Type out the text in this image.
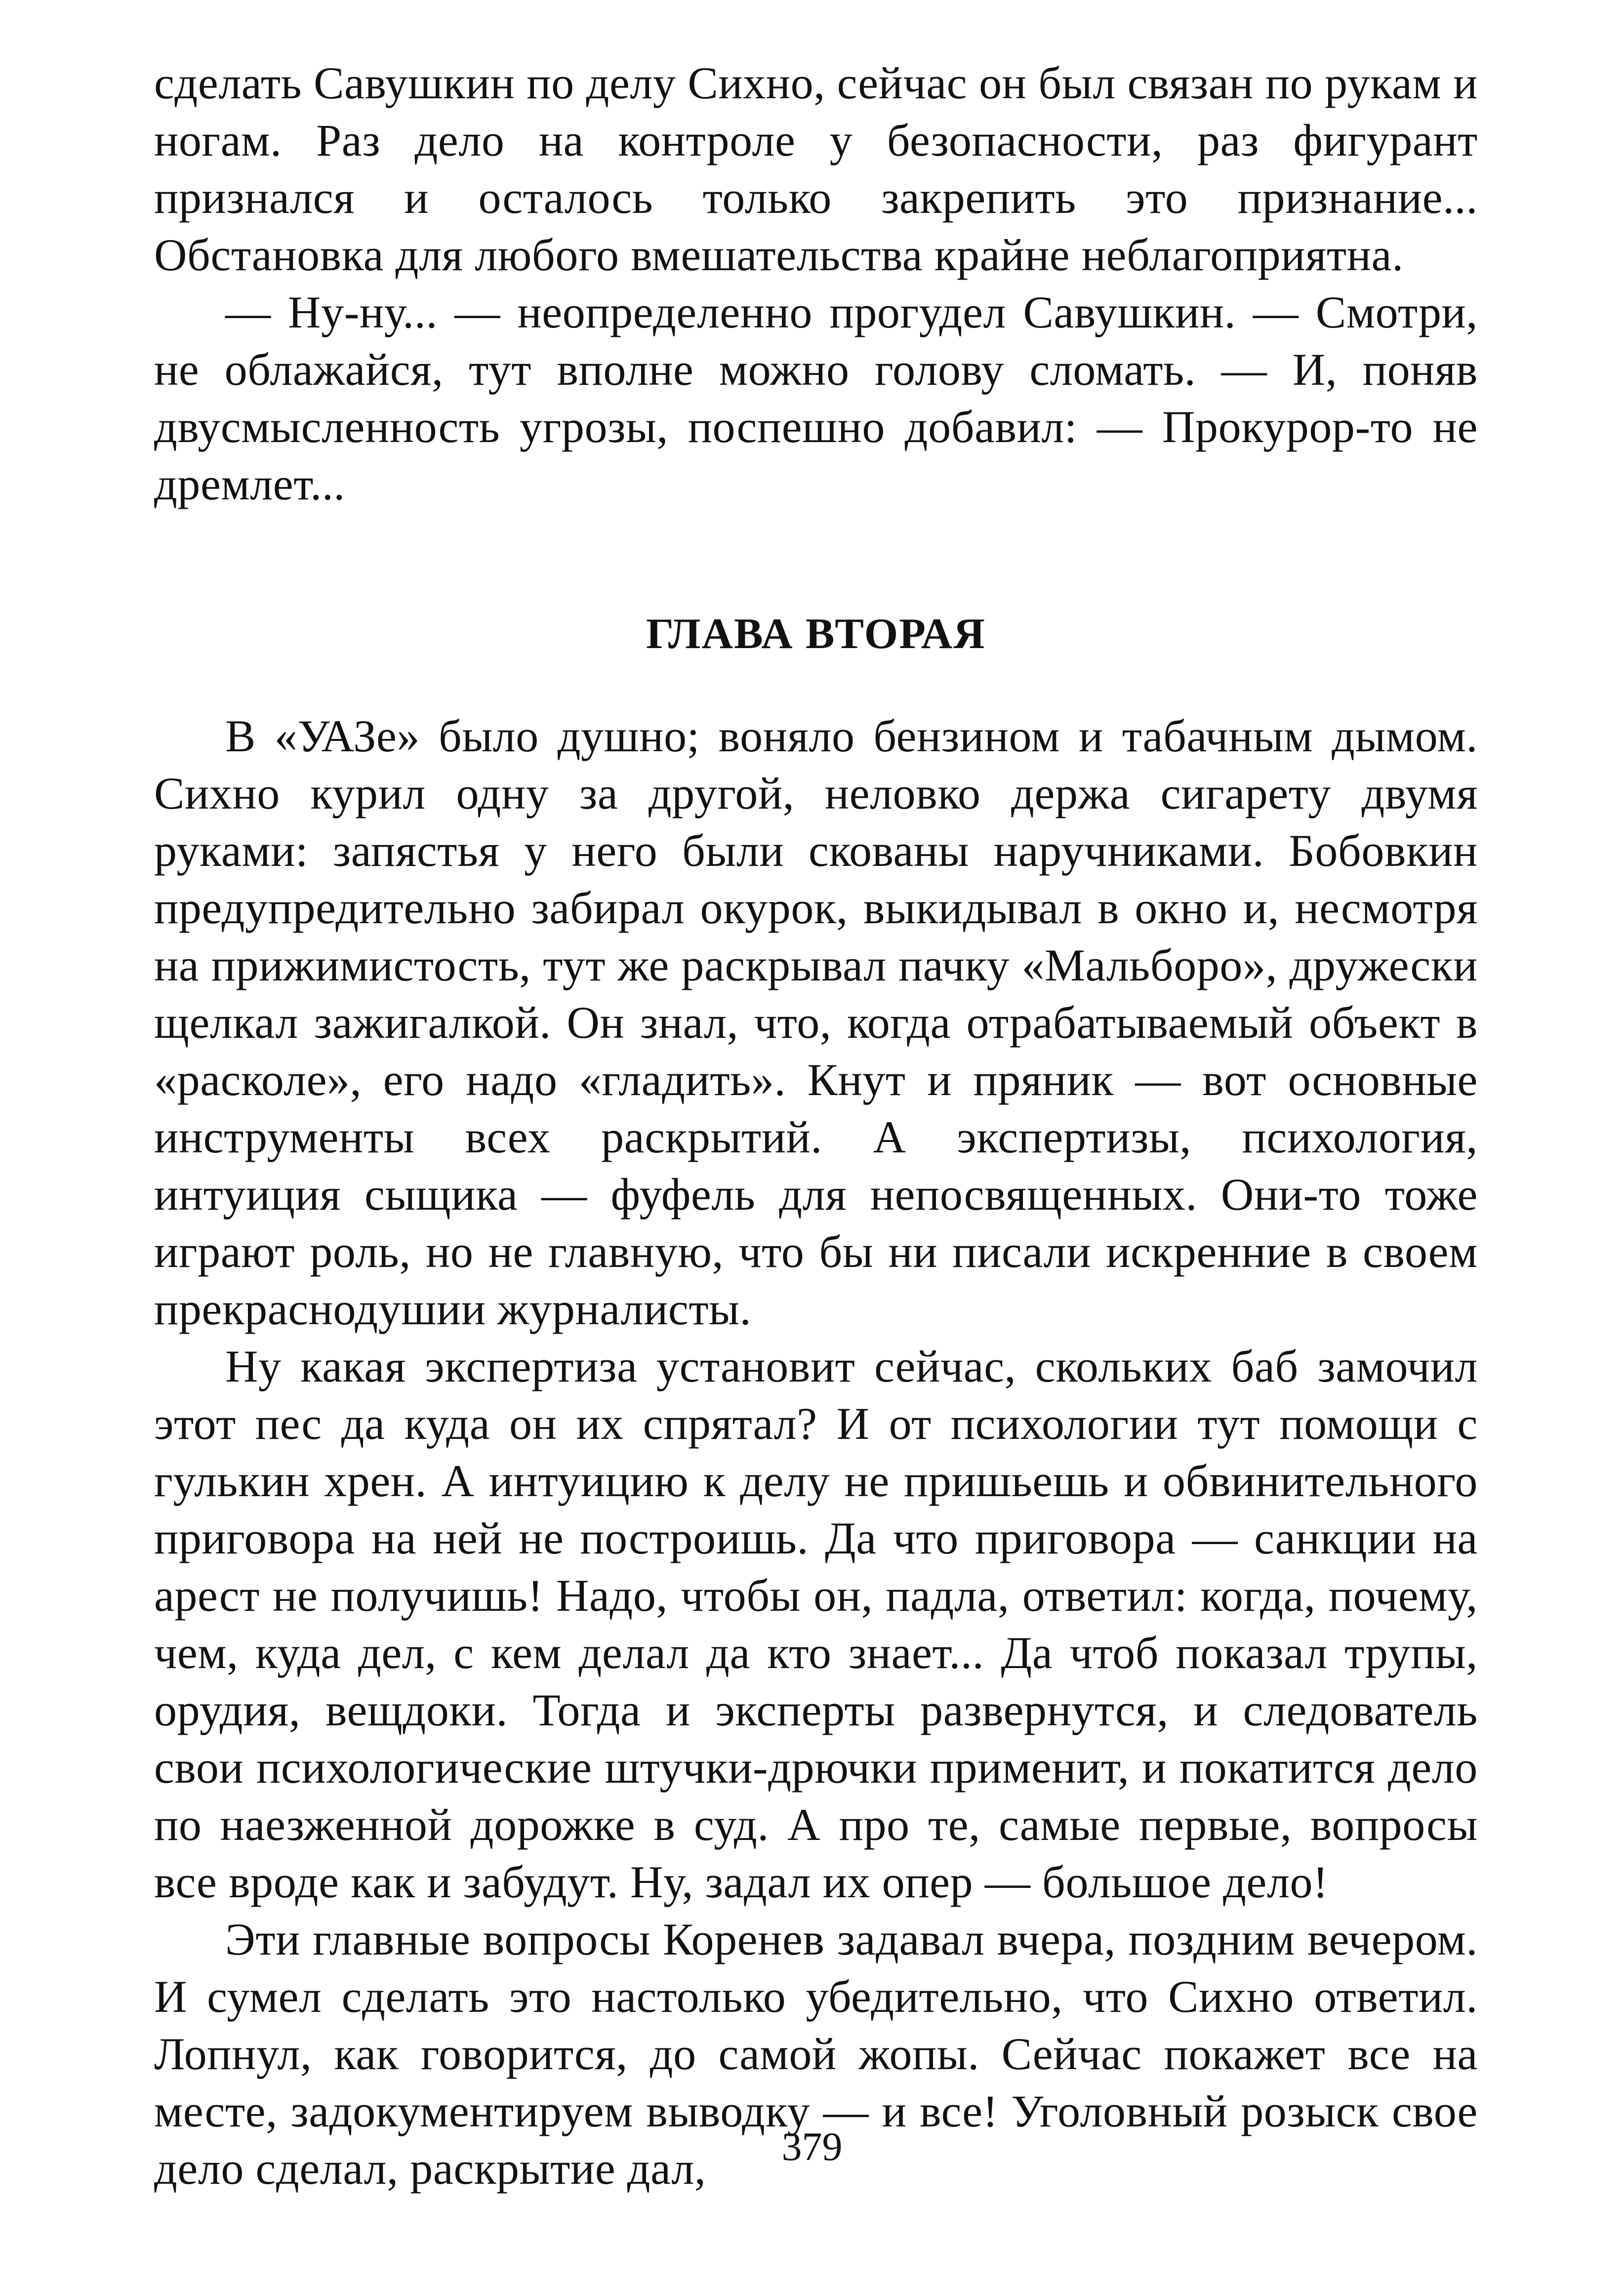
сделать Савушкин по делу Сихно, сейчас он был связан по рукам и ногам. Раз дело на контроле у безопасности, раз фигурант признался и осталось только закрепить это признание... Обстановка для любого вмешательства крайне неблагоприятна.

— Ну-ну... — неопределенно прогудел Савушкин. — Смотри, не облажайся, тут вполне можно голову сломать. — И, поняв двусмысленность угрозы, поспешно добавил: — Прокурор-то не дремлет...

ГЛАВА ВТОРАЯ

В «УАЗе» было душно; воняло бензином и табачным дымом. Сихно курил одну за другой, неловко держа сигарету двумя руками: запястья у него были скованы наручниками. Бобовкин предупредительно забирал окурок, выкидывал в окно и, несмотря на прижимистость, тут же раскрывал пачку «Мальборо», дружески щелкал зажигалкой. Он знал, что, когда отрабатываемый объект в «расколе», его надо «гладить». Кнут и пряник — вот основные инструменты всех раскрытий. А экспертизы, психология, интуиция сыщика — фуфель для непосвященных. Они-то тоже играют роль, но не главную, что бы ни писали искренние в своем прекраснодушии журналисты.

Ну какая экспертиза установит сейчас, скольких баб замочил этот пес да куда он их спрятал? И от психологии тут помощи с гулькин хрен. А интуицию к делу не пришьешь и обвинительного приговора на ней не построишь. Да что приговора — санкции на арест не получишь! Надо, чтобы он, падла, ответил: когда, почему, чем, куда дел, с кем делал да кто знает... Да чтоб показал трупы, орудия, вещдоки. Тогда и эксперты развернутся, и следователь свои психологические штучки-дрючки применит, и покатится дело по наезженной дорожке в суд. А про те, самые первые, вопросы все вроде как и забудут. Ну, задал их опер — большое дело!

Эти главные вопросы Коренев задавал вчера, поздним вечером. И сумел сделать это настолько убедительно, что Сихно ответил. Лопнул, как говорится, до самой жопы. Сейчас покажет все на месте, задокументируем выводку — и все! Уголовный розыск свое дело сделал, раскрытие дал,	379
